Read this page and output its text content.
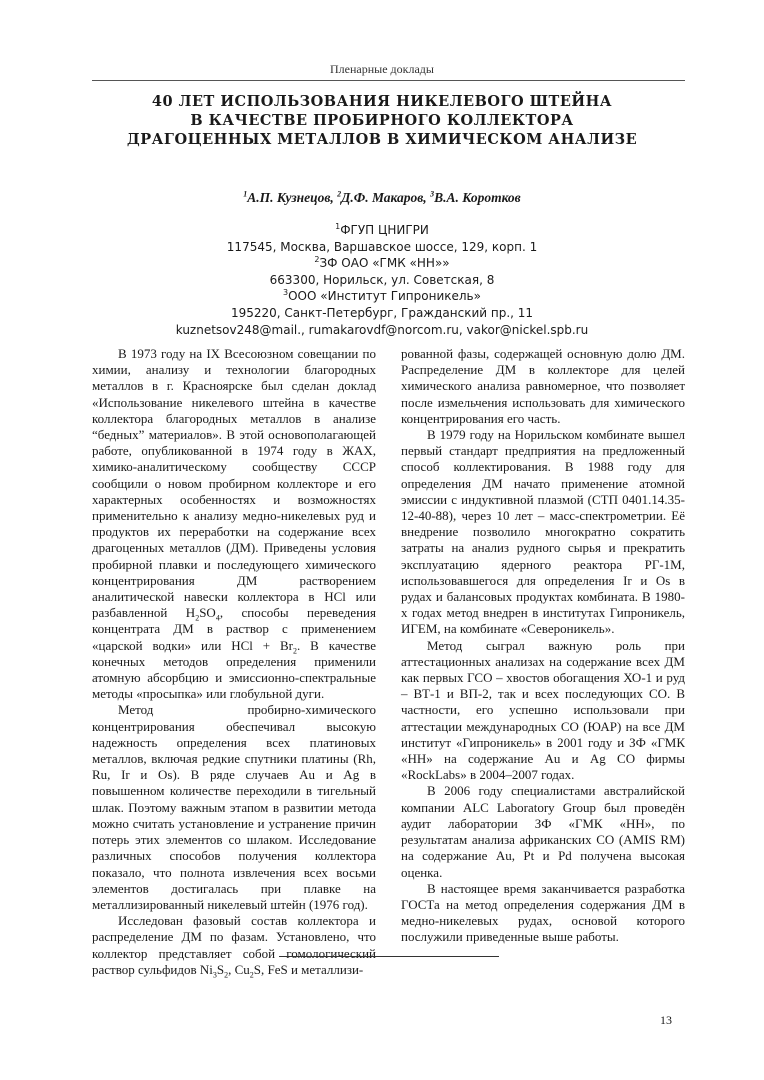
Пленарные доклады
40 ЛЕТ ИСПОЛЬЗОВАНИЯ НИКЕЛЕВОГО ШТЕЙНА
В КАЧЕСТВЕ ПРОБИРНОГО КОЛЛЕКТОРА
ДРАГОЦЕННЫХ МЕТАЛЛОВ В ХИМИЧЕСКОМ АНАЛИЗЕ
$^1$А.П. Кузнецов, $^2$Д.Ф. Макаров, $^3$В.А. Коротков
$^1$ФГУП ЦНИГРИ
117545, Москва, Варшавское шоссе, 129, корп. 1
$^2$ЗФ ОАО «ГМК «НН»»
663300, Норильск, ул. Советская, 8
$^3$ООО «Институт Гипроникель»
195220, Санкт-Петербург, Гражданский пр., 11
kuznetsov248@mail., rumakarovdf@norcom.ru, vakor@nickel.spb.ru

В 1973 году на IX Всесоюзном совещании по химии, анализу и технологии благородных металлов в г. Красноярске был сделан доклад «Использование никелевого штейна в качестве коллектора благородных металлов в анализе “бедных” материалов». В этой основополагающей работе, опубликованной в 1974 году в ЖАХ, химико-аналитическому сообществу СССР сообщили о новом пробирном коллекторе и его характерных особенностях и возможностях применительно к анализу медно-никелевых руд и продуктов их переработки на содержание всех драгоценных металлов (ДМ). Приведены условия пробирной плавки и последующего химического концентрирования ДМ растворением аналитической навески коллектора в HCl или разбавленной $H_2SO_4$, способы переведения концентрата ДМ в раствор с применением «царской водки» или HCl + $Br_2$. В качестве конечных методов определения применили атомную абсорбцию и эмиссионно-спектральные методы «просыпка» или глобульной дуги.

Метод пробирно-химического концентрирования обеспечивал высокую надежность определения всех платиновых металлов, включая редкие спутники платины (Rh, Ru, Ir и Os). В ряде случаев Au и Ag в повышенном количестве переходили в тигельный шлак. Поэтому важным этапом в развитии метода можно считать установление и устранение причин потерь этих элементов со шлаком. Исследование различных способов получения коллектора показало, что полнота извлечения всех восьми элементов достигалась при плавке на металлизированный никелевый штейн (1976 год).

Исследован фазовый состав коллектора и распределение ДМ по фазам. Установлено, что коллектор представляет собой гомологический раствор сульфидов $Ni_3S_2$, $Cu_2S$, FeS и металлизи-

рованной фазы, содержащей основную долю ДМ. Распределение ДМ в коллекторе для целей химического анализа равномерное, что позволяет после измельчения использовать для химического концентрирования его часть.

В 1979 году на Норильском комбинате вышел первый стандарт предприятия на предложенный способ коллектирования. В 1988 году для определения ДМ начато применение атомной эмиссии с индуктивной плазмой (СТП 0401.14.35-12-40-88), через 10 лет – масс-спектрометрии. Её внедрение позволило многократно сократить затраты на анализ рудного сырья и прекратить эксплуатацию ядерного реактора РГ-1М, использовавшегося для определения Ir и Os в рудах и балансовых продуктах комбината. В 1980-х годах метод внедрен в институтах Гипроникель, ИГЕМ, на комбинате «Североникель».

Метод сыграл важную роль при аттестационных анализах на содержание всех ДМ как первых ГСО – хвостов обогащения ХО-1 и руд – ВТ-1 и ВП-2, так и всех последующих СО. В частности, его успешно использовали при аттестации международных СО (ЮАР) на все ДМ институт «Гипроникель» в 2001 году и ЗФ «ГМК «НН» на содержание Au и Ag СО фирмы «RockLabs» в 2004–2007 годах.

В 2006 году специалистами австралийской компании ALC Laboratory Group был проведён аудит лаборатории ЗФ «ГМК «НН», по результатам анализа африканских СО (AMIS RM) на содержание Au, Pt и Pd получена высокая оценка.

В настоящее время заканчивается разработка ГОСТа на метод определения содержания ДМ в медно-никелевых рудах, основой которого послужили приведенные выше работы.

13
